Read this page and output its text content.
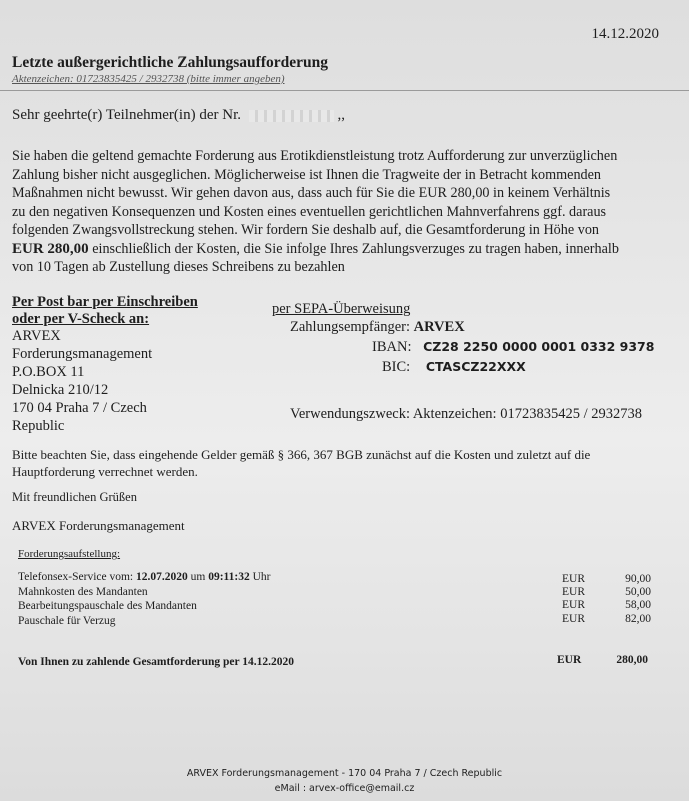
14.12.2020
Letzte außergerichtliche Zahlungsaufforderung
Aktenzeichen: 01723835425 / 2932738 (bitte immer angeben)
Sehr geehrte(r) Teilnehmer(in) der Nr.	,,
Sie haben die geltend gemachte Forderung aus Erotikdienstleistung trotz Aufforderung zur unverzüglichen
Zahlung bisher nicht ausgeglichen. Möglicherweise ist Ihnen die Tragweite der in Betracht kommenden
Maßnahmen nicht bewusst. Wir gehen davon aus, dass auch für Sie die EUR 280,00 in keinem Verhältnis
zu den negativen Konsequenzen und Kosten eines eventuellen gerichtlichen Mahnverfahrens ggf. daraus
folgenden Zwangsvollstreckung stehen. Wir fordern Sie deshalb auf, die Gesamtforderung in Höhe von
EUR 280,00 einschließlich der Kosten, die Sie infolge Ihres Zahlungsverzuges zu tragen haben, innerhalb
von 10 Tagen ab Zustellung dieses Schreibens zu bezahlen
Per Post bar per Einschreiben
oder per V-Scheck an:
ARVEX
Forderungsmanagement
P.O.BOX 11
Delnicka 210/12
170 04 Praha 7 / Czech
Republic
per SEPA-Überweisung
Zahlungsempfänger: ARVEX
IBAN: CZ28 2250 0000 0001 0332 9378
BIC: CTASCZ22XXX
Verwendungszweck: Aktenzeichen: 01723835425 / 2932738
Bitte beachten Sie, dass eingehende Gelder gemäß § 366, 367 BGB zunächst auf die Kosten und zuletzt auf die
Hauptforderung verrechnet werden.
Mit freundlichen Grüßen
ARVEX Forderungsmanagement
Forderungsaufstellung:
Telefonsex-Service vom: 12.07.2020 um 09:11:32 Uhr	EUR	90,00
Mahnkosten des Mandanten	EUR	50,00
Bearbeitungspauschale des Mandanten	EUR	58,00
Pauschale für Verzug	EUR	82,00
Von Ihnen zu zahlende Gesamtforderung per 14.12.2020	EUR	280,00
ARVEX Forderungsmanagement - 170 04 Praha 7 / Czech Republic
eMail : arvex-office@email.cz
